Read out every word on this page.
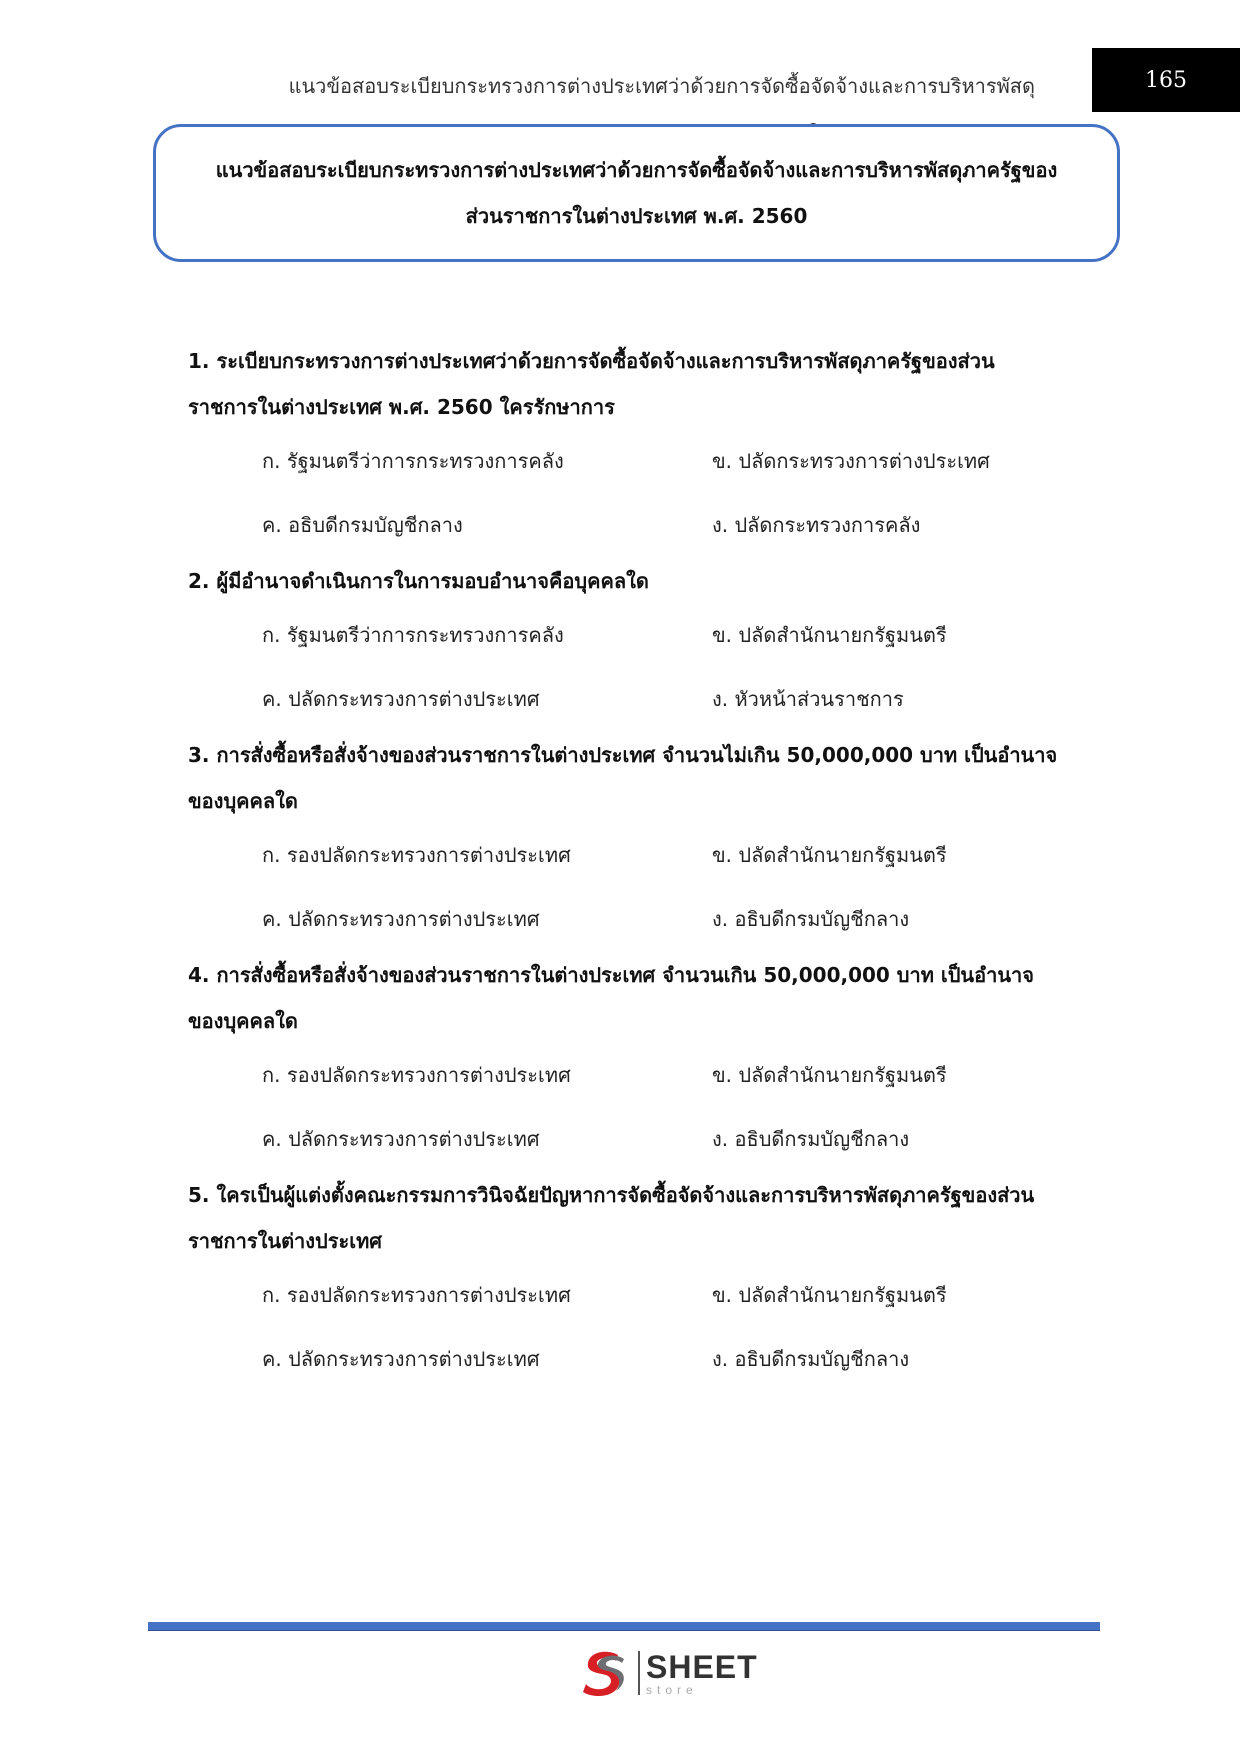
แนวข้อสอบระเบียบกระทรวงการต่างประเทศว่าด้วยการจัดซื้อจัดจ้างและการบริหารพัสดุ	165
แนวข้อสอบระเบียบกระทรวงการต่างประเทศว่าด้วยการจัดซื้อจัดจ้างและการบริหารพัสดุภาครัฐของ
ส่วนราชการในต่างประเทศ พ.ศ. 2560

1. ระเบียบกระทรวงการต่างประเทศว่าด้วยการจัดซื้อจัดจ้างและการบริหารพัสดุภาครัฐของส่วน

ราชการในต่างประเทศ พ.ศ. 2560 ใครรักษาการ

ก. รัฐมนตรีว่าการกระทรวงการคลัง	ข. ปลัดกระทรวงการต่างประเทศ
ค. อธิบดีกรมบัญชีกลาง	ง. ปลัดกระทรวงการคลัง

2. ผู้มีอำนาจดำเนินการในการมอบอำนาจคือบุคคลใด

ก. รัฐมนตรีว่าการกระทรวงการคลัง	ข. ปลัดสำนักนายกรัฐมนตรี
ค. ปลัดกระทรวงการต่างประเทศ	ง. หัวหน้าส่วนราชการ

3. การสั่งซื้อหรือสั่งจ้างของส่วนราชการในต่างประเทศ จำนวนไม่เกิน 50,000,000 บาท เป็นอำนาจ

ของบุคคลใด

ก. รองปลัดกระทรวงการต่างประเทศ	ข. ปลัดสำนักนายกรัฐมนตรี
ค. ปลัดกระทรวงการต่างประเทศ	ง. อธิบดีกรมบัญชีกลาง

4. การสั่งซื้อหรือสั่งจ้างของส่วนราชการในต่างประเทศ จำนวนเกิน 50,000,000 บาท เป็นอำนาจ

ของบุคคลใด

ก. รองปลัดกระทรวงการต่างประเทศ	ข. ปลัดสำนักนายกรัฐมนตรี
ค. ปลัดกระทรวงการต่างประเทศ	ง. อธิบดีกรมบัญชีกลาง

5. ใครเป็นผู้แต่งตั้งคณะกรรมการวินิจฉัยปัญหาการจัดซื้อจัดจ้างและการบริหารพัสดุภาครัฐของส่วน

ราชการในต่างประเทศ

ก. รองปลัดกระทรวงการต่างประเทศ	ข. ปลัดสำนักนายกรัฐมนตรี
ค. ปลัดกระทรวงการต่างประเทศ	ง. อธิบดีกรมบัญชีกลาง
SHEET
store
